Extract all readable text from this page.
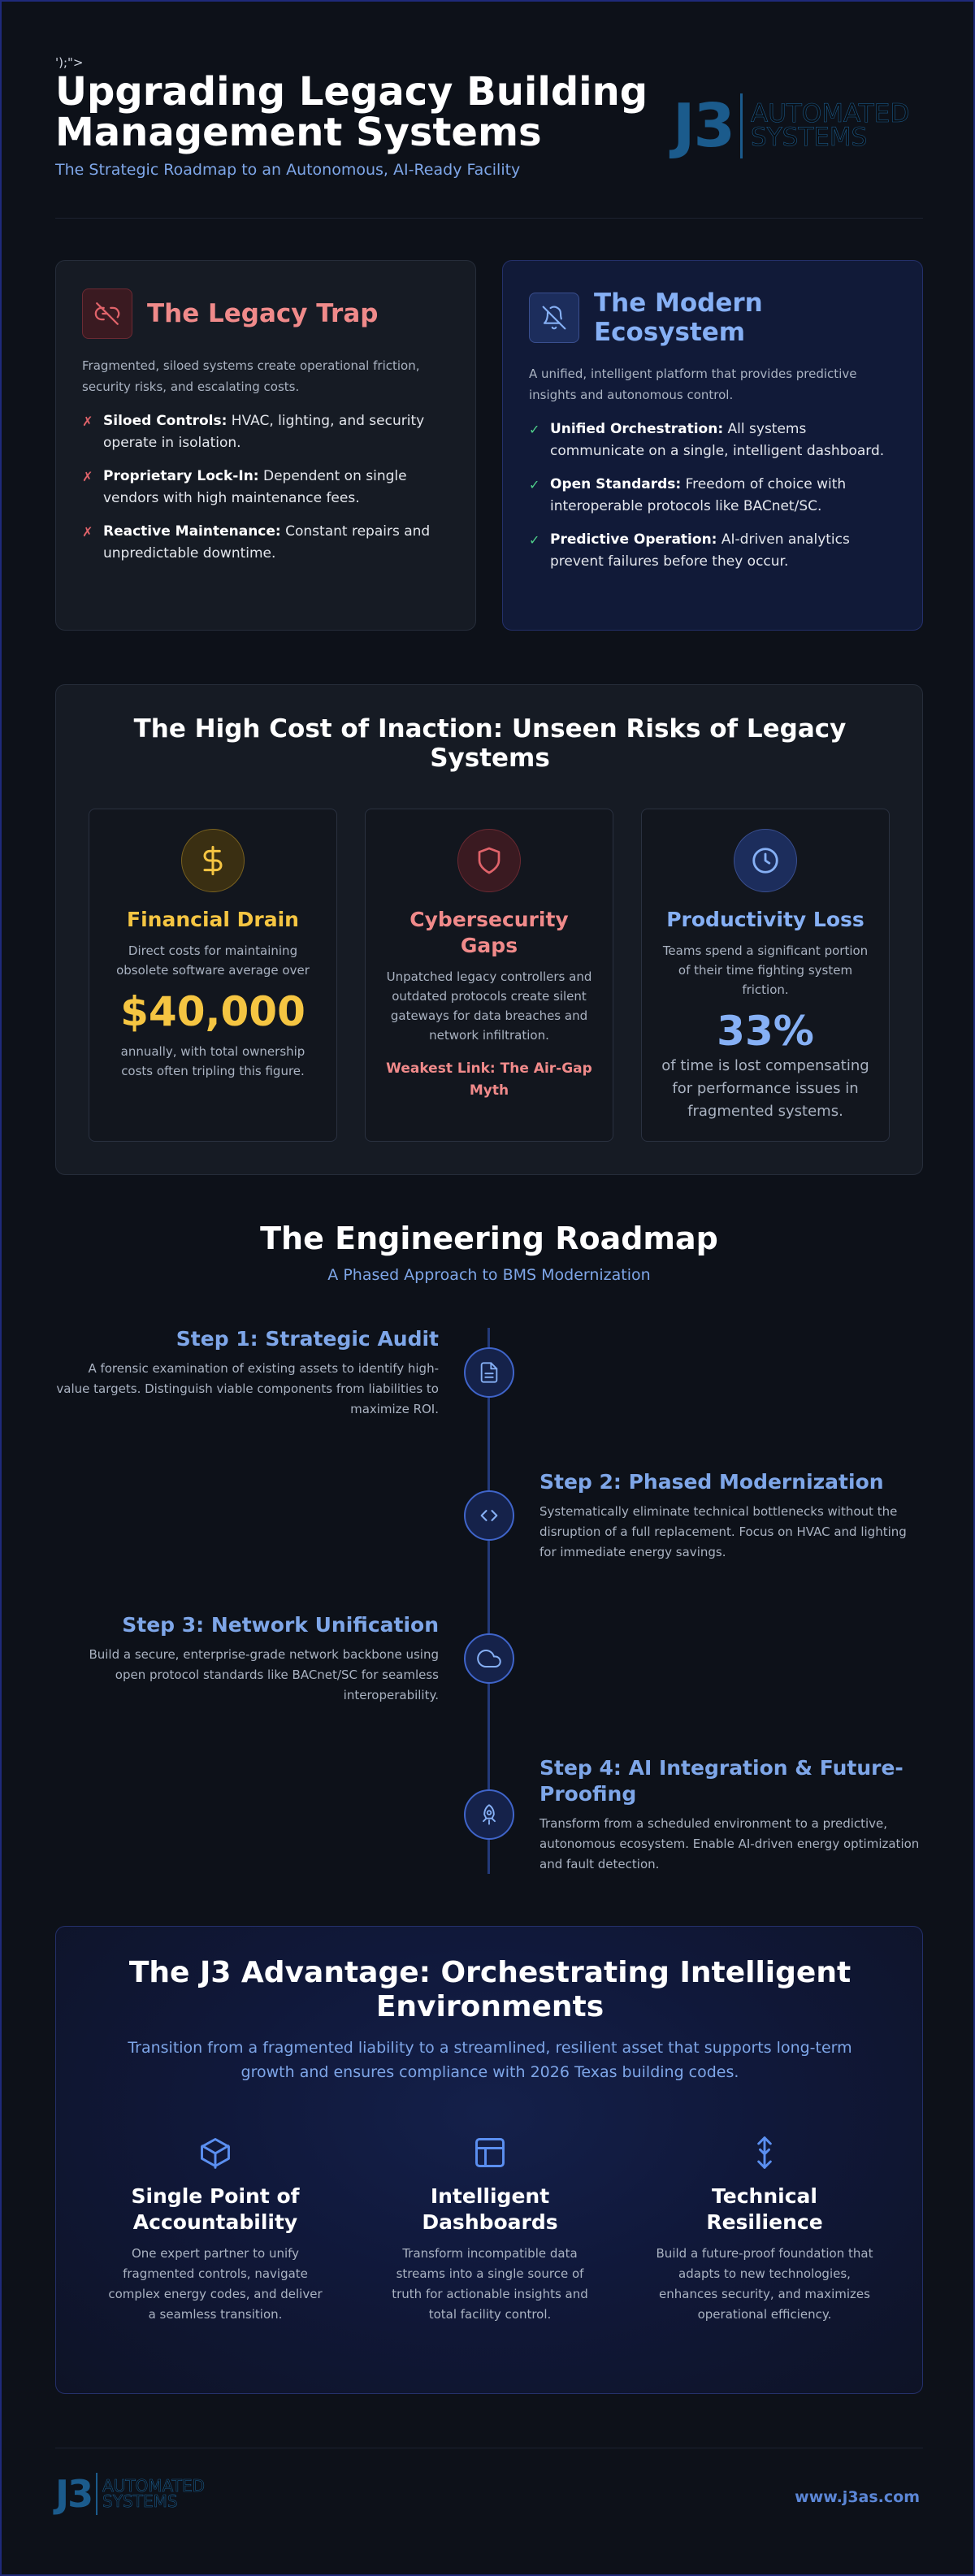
');">
Upgrading Legacy Building Management Systems
The Strategic Roadmap to an Autonomous, AI-Ready Facility
J3 AUTOMATED
SYSTEMS
The Legacy Trap

Fragmented, siloed systems create operational friction, security risks, and escalating costs.

✗ Siloed Controls: HVAC, lighting, and security operate in isolation.
✗ Proprietary Lock-In: Dependent on single vendors with high maintenance fees.
✗ Reactive Maintenance: Constant repairs and unpredictable downtime.
The Modern Ecosystem

A unified, intelligent platform that provides predictive insights and autonomous control.

✓ Unified Orchestration: All systems communicate on a single, intelligent dashboard.
✓ Open Standards: Freedom of choice with interoperable protocols like BACnet/SC.
✓ Predictive Operation: AI-driven analytics prevent failures before they occur.
The High Cost of Inaction: Unseen Risks of Legacy Systems
Financial Drain
Direct costs for maintaining obsolete software average over
$40,000
annually, with total ownership costs often tripling this figure.
Cybersecurity Gaps
Unpatched legacy controllers and outdated protocols create silent gateways for data breaches and network infiltration.
Weakest Link: The Air-Gap Myth
Productivity Loss
Teams spend a significant portion of their time fighting system friction.
33%
of time is lost compensating for performance issues in fragmented systems.
The Engineering Roadmap
A Phased Approach to BMS Modernization
Step 1: Strategic Audit
A forensic examination of existing assets to identify high-value targets. Distinguish viable components from liabilities to maximize ROI.
Step 2: Phased Modernization
Systematically eliminate technical bottlenecks without the disruption of a full replacement. Focus on HVAC and lighting for immediate energy savings.
Step 3: Network Unification
Build a secure, enterprise-grade network backbone using open protocol standards like BACnet/SC for seamless interoperability.
Step 4: AI Integration & Future-Proofing
Transform from a scheduled environment to a predictive, autonomous ecosystem. Enable AI-driven energy optimization and fault detection.
The J3 Advantage: Orchestrating Intelligent Environments

Transition from a fragmented liability to a streamlined, resilient asset that supports long-term growth and ensures compliance with 2026 Texas building codes.

Single Point of Accountability
One expert partner to unify fragmented controls, navigate complex energy codes, and deliver a seamless transition.
Intelligent Dashboards
Transform incompatible data streams into a single source of truth for actionable insights and total facility control.
Technical Resilience
Build a future-proof foundation that adapts to new technologies, enhances security, and maximizes operational efficiency.
J3 AUTOMATED
SYSTEMS	www.j3as.com
